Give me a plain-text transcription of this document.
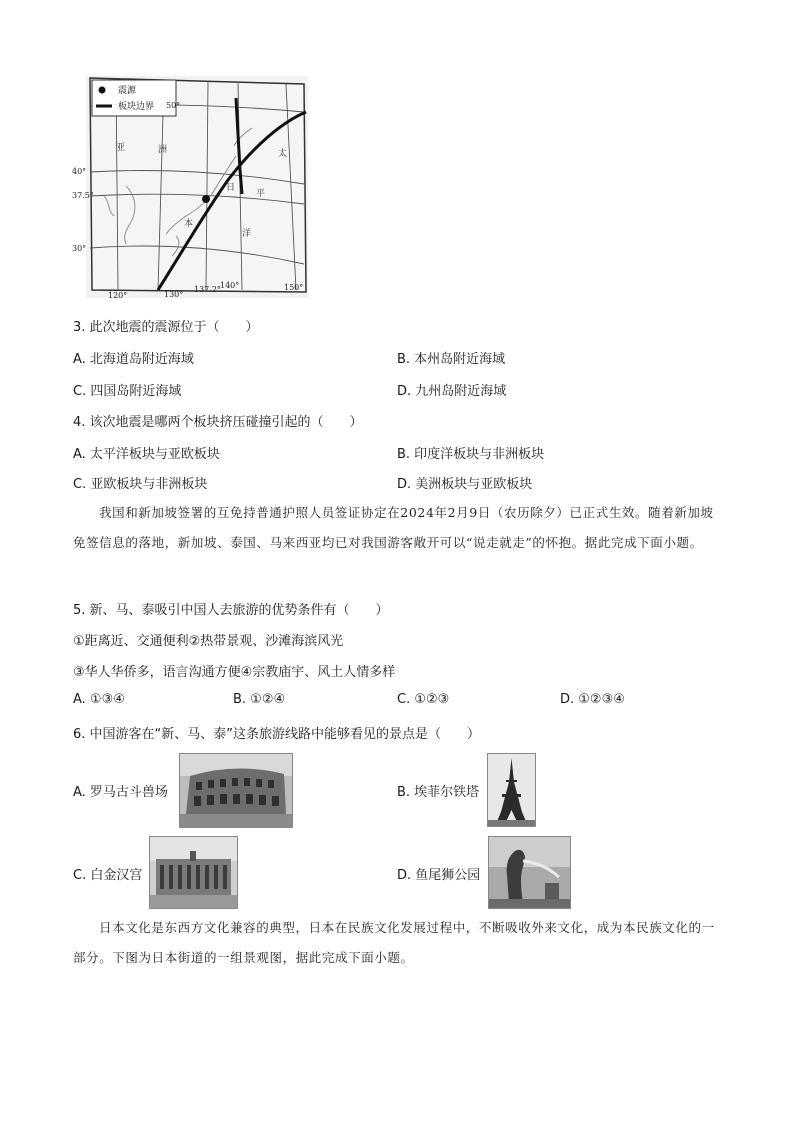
震源
板块边界 50°
40°
37.5°
30°
120°	130°
137.2° 140°	150°
亚	洲
日
本
太
平
洋
3. 此次地震的震源位于（　　）
A. 北海道岛附近海域	B. 本州岛附近海域
C. 四国岛附近海域	D. 九州岛附近海域
4. 该次地震是哪两个板块挤压碰撞引起的（　　）
A. 太平洋板块与亚欧板块	B. 印度洋板块与非洲板块
C. 亚欧板块与非洲板块	D. 美洲板块与亚欧板块
我国和新加坡签署的互免持普通护照人员签证协定在2024年2月9日（农历除夕）已正式生效。随着新加坡免签信息的落地，新加坡、泰国、马来西亚均已对我国游客敞开可以“说走就走”的怀抱。据此完成下面小题。
5. 新、马、泰吸引中国人去旅游的优势条件有（　　）
①距离近、交通便利②热带景观、沙滩海滨风光
③华人华侨多，语言沟通方便④宗教庙宇、风土人情多样
A. ①③④	B. ①②④	C. ①②③	D. ①②③④
6. 中国游客在“新、马、泰”这条旅游线路中能够看见的景点是（　　）
A. 罗马古斗兽场	B. 埃菲尔铁塔
C. 白金汉宫	D. 鱼尾狮公园
日本文化是东西方文化兼容的典型，日本在民族文化发展过程中，不断吸收外来文化，成为本民族文化的一部分。下图为日本街道的一组景观图，据此完成下面小题。
